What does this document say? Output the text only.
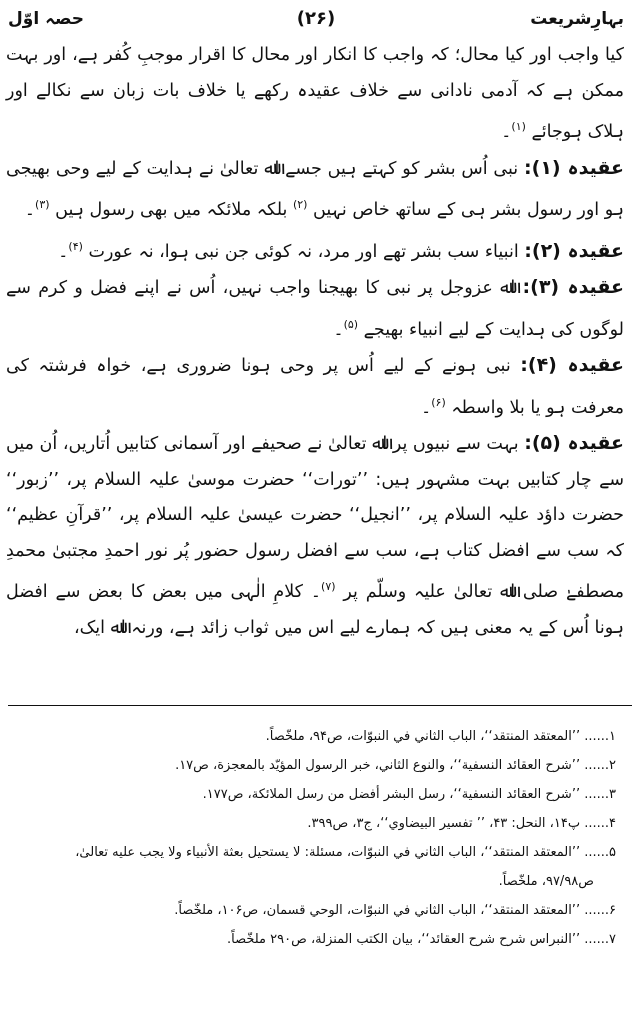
بہارِشریعت
(۲۶)
حصہ اوّل

کیا واجب اور کیا محال؛ کہ واجب کا انکار اور محال کا اقرار موجبِ کُفر ہے، اور بہت ممکن ہے کہ آدمی نادانی سے خلاف عقیدہ رکھے یا خلاف بات زبان سے نکالے اور ہلاک ہوجائے $^{(۱)}$۔

عقیدہ (۱): نبی اُس بشر کو کہتے ہیں جسے اﷲ تعالیٰ نے ہدایت کے لیے وحی بھیجی ہو اور رسول بشر ہی کے ساتھ خاص نہیں $^{(۲)}$ بلکہ ملائکہ میں بھی رسول ہیں $^{(۳)}$۔

عقیدہ (۲): انبیاء سب بشر تھے اور مرد، نہ کوئی جن نبی ہوا، نہ عورت $^{(۴)}$۔

عقیدہ (۳): اﷲ عزوجل پر نبی کا بھیجنا واجب نہیں، اُس نے اپنے فضل و کرم سے لوگوں کی ہدایت کے لیے انبیاء بھیجے $^{(۵)}$۔

عقیدہ (۴): نبی ہونے کے لیے اُس پر وحی ہونا ضروری ہے، خواہ فرشتہ کی معرفت ہو یا بلا واسطہ $^{(۶)}$۔

عقیدہ (۵): بہت سے نبیوں پر اﷲ تعالیٰ نے صحیفے اور آسمانی کتابیں اُتاریں، اُن میں سے چار کتابیں بہت مشہور ہیں: ’’تورات‘‘ حضرت موسیٰ علیہ السلام پر، ’’زبور‘‘ حضرت داؤد علیہ السلام پر، ’’انجیل‘‘ حضرت عیسیٰ علیہ السلام پر، ’’قرآنِ عظیم‘‘ کہ سب سے افضل کتاب ہے، سب سے افضل رسول حضور پُر نور احمدِ مجتبیٰ محمدِ مصطفےٰ صلی اﷲ تعالیٰ علیہ وسلّم پر $^{(۷)}$۔ کلامِ الٰہی میں بعض کا بعض سے افضل ہونا اُس کے یہ معنی ہیں کہ ہمارے لیے اس میں ثواب زائد ہے، ورنہ اﷲ ایک،

۱...... ’’المعتقد المنتقد‘‘، الباب الثاني في النبوّات، ص۹۴، ملخّصاً.

۲...... ’’شرح العقائد النسفية‘‘، والنوع الثاني، خبر الرسول المؤيّد بالمعجزة، ص۱۷.

۳...... ’’شرح العقائد النسفية‘‘، رسل البشر أفضل من رسل الملائكة، ص۱۷۷.

۴...... پ۱۴، النحل: ۴۳، ’’ تفسير البيضاوي‘‘، ج۳، ص۳۹۹.

۵...... ’’المعتقد المنتقد‘‘، الباب الثاني في النبوّات، مسئلة: لا يستحيل بعثة الأنبياء ولا يجب عليه تعالىٰ،

ص۹۷/۹۸، ملخّصاً.

۶...... ’’المعتقد المنتقد‘‘، الباب الثاني في النبوّات، الوحي قسمان، ص۱۰۶، ملخّصاً.

۷...... ’’النبراس شرح شرح العقائد‘‘، بيان الكتب المنزلة، ص۲۹۰ ملخّصاً.
